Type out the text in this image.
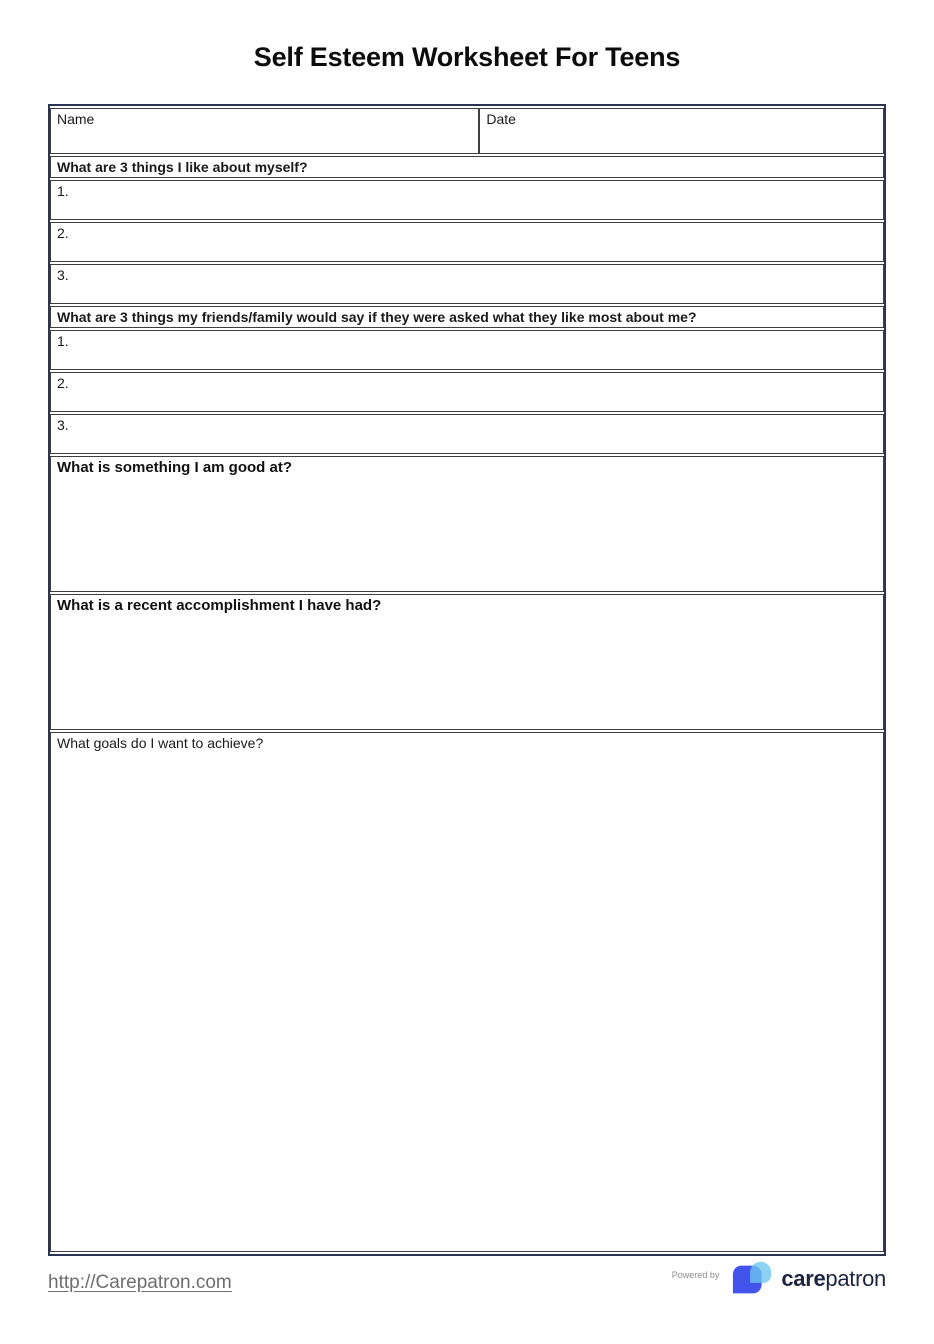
Self Esteem Worksheet For Teens
Name	Date
What are 3 things I like about myself?
1.
2.
3.
What are 3 things my friends/family would say if they were asked what they like most about me?
1.
2.
3.
What is something I am good at?
What is a recent accomplishment I have had?
What goals do I want to achieve?
http://Carepatron.com	Powered by	carepatron
